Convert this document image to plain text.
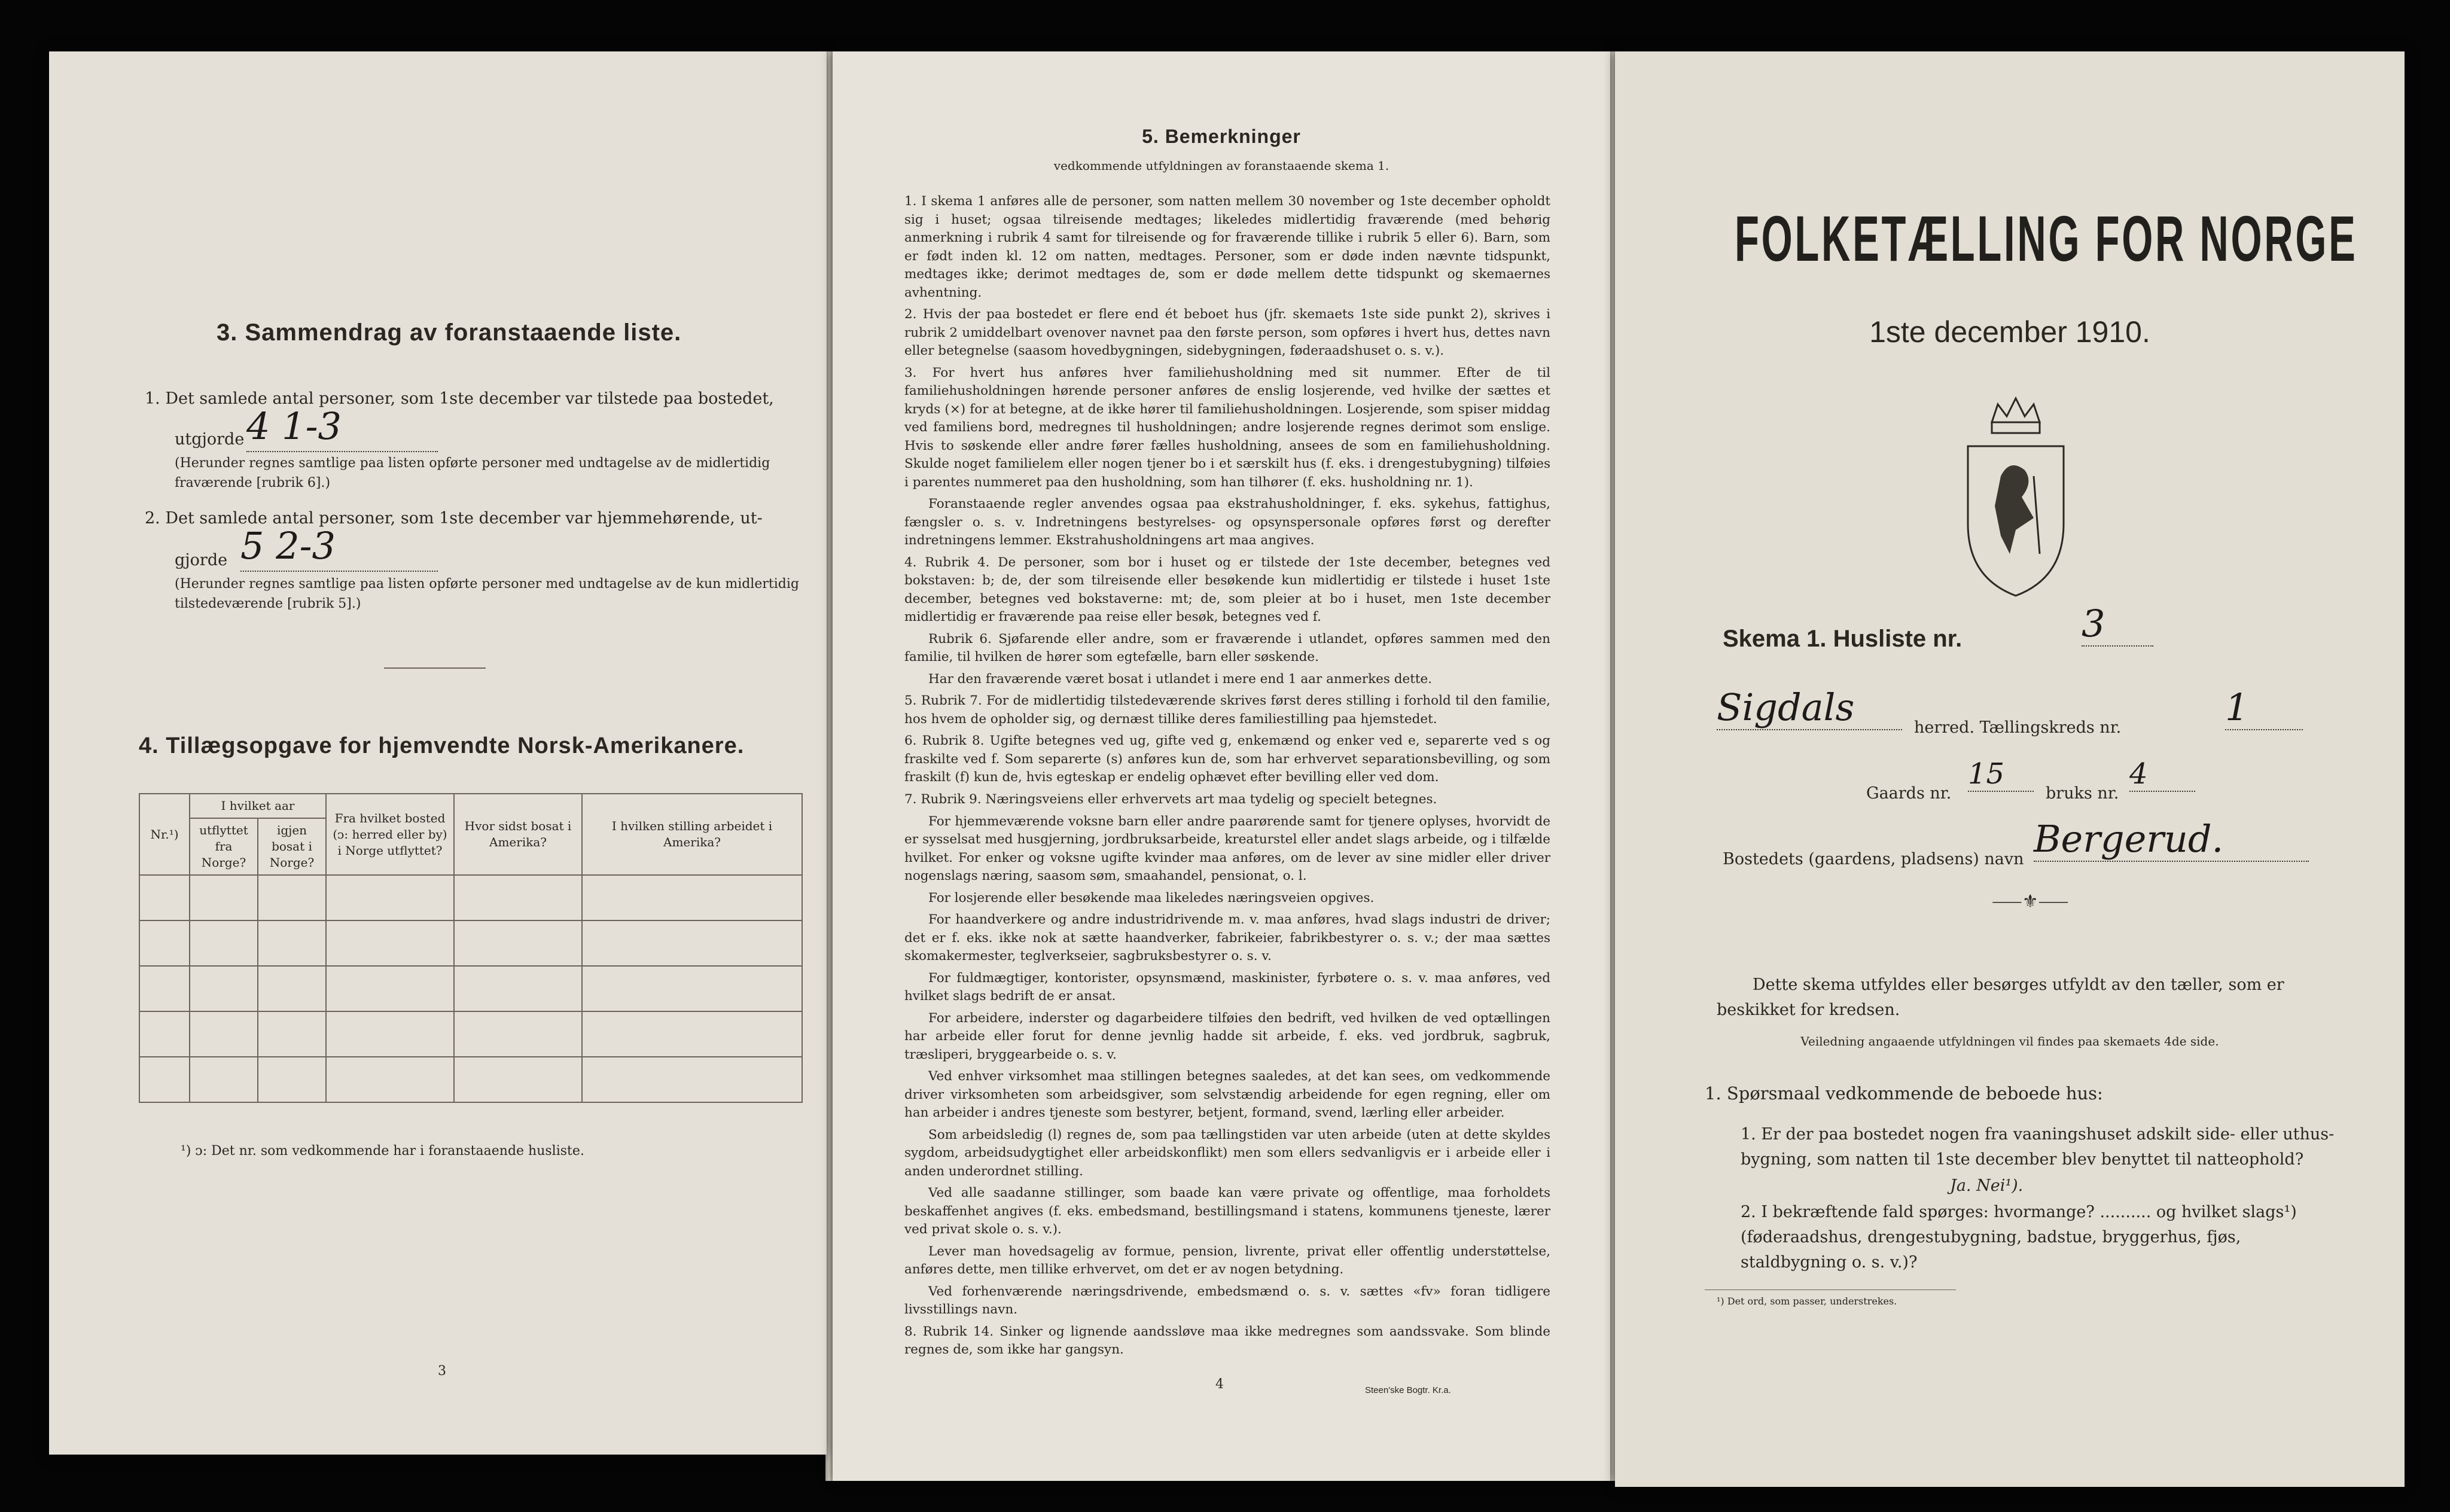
3. Sammendrag av foranstaaende liste.
1. Det samlede antal personer, som 1ste december var tilstede paa bostedet,
utgjorde 4 1-3
(Herunder regnes samtlige paa listen opførte personer med undtagelse av de midlertidig fraværende [rubrik 6].)
2. Det samlede antal personer, som 1ste december var hjemmehørende, ut-
gjorde 5 2-3
(Herunder regnes samtlige paa listen opførte personer med undtagelse av de kun midlertidig tilstedeværende [rubrik 5].)
4. Tillægsopgave for hjemvendte Norsk-Amerikanere.
Nr.¹)	I hvilket aar		Fra hvilket bosted (ᴐ: herred eller by) i Norge utflyttet?	Hvor sidst bosat i Amerika?	I hvilken stilling arbeidet i Amerika?
	utflyttet fra Norge?	igjen bosat i Norge?			

¹) ᴐ: Det nr. som vedkommende har i foranstaaende husliste.
3
5. Bemerkninger
vedkommende utfyldningen av foranstaaende skema 1.

1. I skema 1 anføres alle de personer, som natten mellem 30 november og 1ste december opholdt sig i huset; ogsaa tilreisende medtages; likeledes midlertidig fraværende (med behørig anmerkning i rubrik 4 samt for tilreisende og for fraværende tillike i rubrik 5 eller 6). Barn, som er født inden kl. 12 om natten, medtages. Personer, som er døde inden nævnte tidspunkt, medtages ikke; derimot medtages de, som er døde mellem dette tidspunkt og skemaernes avhentning.

2. Hvis der paa bostedet er flere end ét beboet hus (jfr. skemaets 1ste side punkt 2), skrives i rubrik 2 umiddelbart ovenover navnet paa den første person, som opføres i hvert hus, dettes navn eller betegnelse (saasom hovedbygningen, sidebygningen, føderaadshuset o. s. v.).

3. For hvert hus anføres hver familiehusholdning med sit nummer. Efter de til familiehusholdningen hørende personer anføres de enslig losjerende, ved hvilke der sættes et kryds (×) for at betegne, at de ikke hører til familiehusholdningen. Losjerende, som spiser middag ved familiens bord, medregnes til husholdningen; andre losjerende regnes derimot som enslige. Hvis to søskende eller andre fører fælles husholdning, ansees de som en familiehusholdning. Skulde noget familielem eller nogen tjener bo i et særskilt hus (f. eks. i drengestubygning) tilføies i parentes nummeret paa den husholdning, som han tilhører (f. eks. husholdning nr. 1).

Foranstaaende regler anvendes ogsaa paa ekstrahusholdninger, f. eks. sykehus, fattighus, fængsler o. s. v. Indretningens bestyrelses- og opsynspersonale opføres først og derefter indretningens lemmer. Ekstrahusholdningens art maa angives.

4. Rubrik 4. De personer, som bor i huset og er tilstede der 1ste december, betegnes ved bokstaven: b; de, der som tilreisende eller besøkende kun midlertidig er tilstede i huset 1ste december, betegnes ved bokstaverne: mt; de, som pleier at bo i huset, men 1ste december midlertidig er fraværende paa reise eller besøk, betegnes ved f.

Rubrik 6. Sjøfarende eller andre, som er fraværende i utlandet, opføres sammen med den familie, til hvilken de hører som egtefælle, barn eller søskende.

Har den fraværende været bosat i utlandet i mere end 1 aar anmerkes dette.

5. Rubrik 7. For de midlertidig tilstedeværende skrives først deres stilling i forhold til den familie, hos hvem de opholder sig, og dernæst tillike deres familiestilling paa hjemstedet.

6. Rubrik 8. Ugifte betegnes ved ug, gifte ved g, enkemænd og enker ved e, separerte ved s og fraskilte ved f. Som separerte (s) anføres kun de, som har erhvervet separationsbevilling, og som fraskilt (f) kun de, hvis egteskap er endelig ophævet efter bevilling eller ved dom.

7. Rubrik 9. Næringsveiens eller erhvervets art maa tydelig og specielt betegnes.

For hjemmeværende voksne barn eller andre paarørende samt for tjenere oplyses, hvorvidt de er sysselsat med husgjerning, jordbruksarbeide, kreaturstel eller andet slags arbeide, og i tilfælde hvilket. For enker og voksne ugifte kvinder maa anføres, om de lever av sine midler eller driver nogenslags næring, saasom søm, smaahandel, pensionat, o. l.

For losjerende eller besøkende maa likeledes næringsveien opgives.

For haandverkere og andre industridrivende m. v. maa anføres, hvad slags industri de driver; det er f. eks. ikke nok at sætte haandverker, fabrikeier, fabrikbestyrer o. s. v.; der maa sættes skomakermester, teglverkseier, sagbruksbestyrer o. s. v.

For fuldmægtiger, kontorister, opsynsmænd, maskinister, fyrbøtere o. s. v. maa anføres, ved hvilket slags bedrift de er ansat.

For arbeidere, inderster og dagarbeidere tilføies den bedrift, ved hvilken de ved optællingen har arbeide eller forut for denne jevnlig hadde sit arbeide, f. eks. ved jordbruk, sagbruk, træsliperi, bryggearbeide o. s. v.

Ved enhver virksomhet maa stillingen betegnes saaledes, at det kan sees, om vedkommende driver virksomheten som arbeidsgiver, som selvstændig arbeidende for egen regning, eller om han arbeider i andres tjeneste som bestyrer, betjent, formand, svend, lærling eller arbeider.

Som arbeidsledig (l) regnes de, som paa tællingstiden var uten arbeide (uten at dette skyldes sygdom, arbeidsudygtighet eller arbeidskonflikt) men som ellers sedvanligvis er i arbeide eller i anden underordnet stilling.

Ved alle saadanne stillinger, som baade kan være private og offentlige, maa forholdets beskaffenhet angives (f. eks. embedsmand, bestillingsmand i statens, kommunens tjeneste, lærer ved privat skole o. s. v.).

Lever man hovedsagelig av formue, pension, livrente, privat eller offentlig understøttelse, anføres dette, men tillike erhvervet, om det er av nogen betydning.

Ved forhenværende næringsdrivende, embedsmænd o. s. v. sættes «fv» foran tidligere livsstillings navn.

8. Rubrik 14. Sinker og lignende aandssløve maa ikke medregnes som aandssvake. Som blinde regnes de, som ikke har gangsyn.

4	Steen'ske Bogtr. Kr.a.
FOLKETÆLLING FOR NORGE
1ste december 1910.
Skema 1. Husliste nr.	3
Sigdals	herred. Tællingskreds nr.	1
Gaards nr.
15
bruks nr.
4
Bostedets (gaardens, pladsens) navn Bergerud.
⸺⚜⸺
Dette skema utfyldes eller besørges utfyldt av den tæller, som er beskikket for kredsen.
Veiledning angaaende utfyldningen vil findes paa skemaets 4de side.
1. Spørsmaal vedkommende de beboede hus:
1. Er der paa bostedet nogen fra vaaningshuset adskilt side- eller uthus-bygning, som natten til 1ste december blev benyttet til natteophold?
Ja. Nei¹).
2. I bekræftende fald spørges: hvormange? .......... og hvilket slags¹) (føderaadshus, drengestubygning, badstue, bryggerhus, fjøs, staldbygning o. s. v.)?
¹) Det ord, som passer, understrekes.
